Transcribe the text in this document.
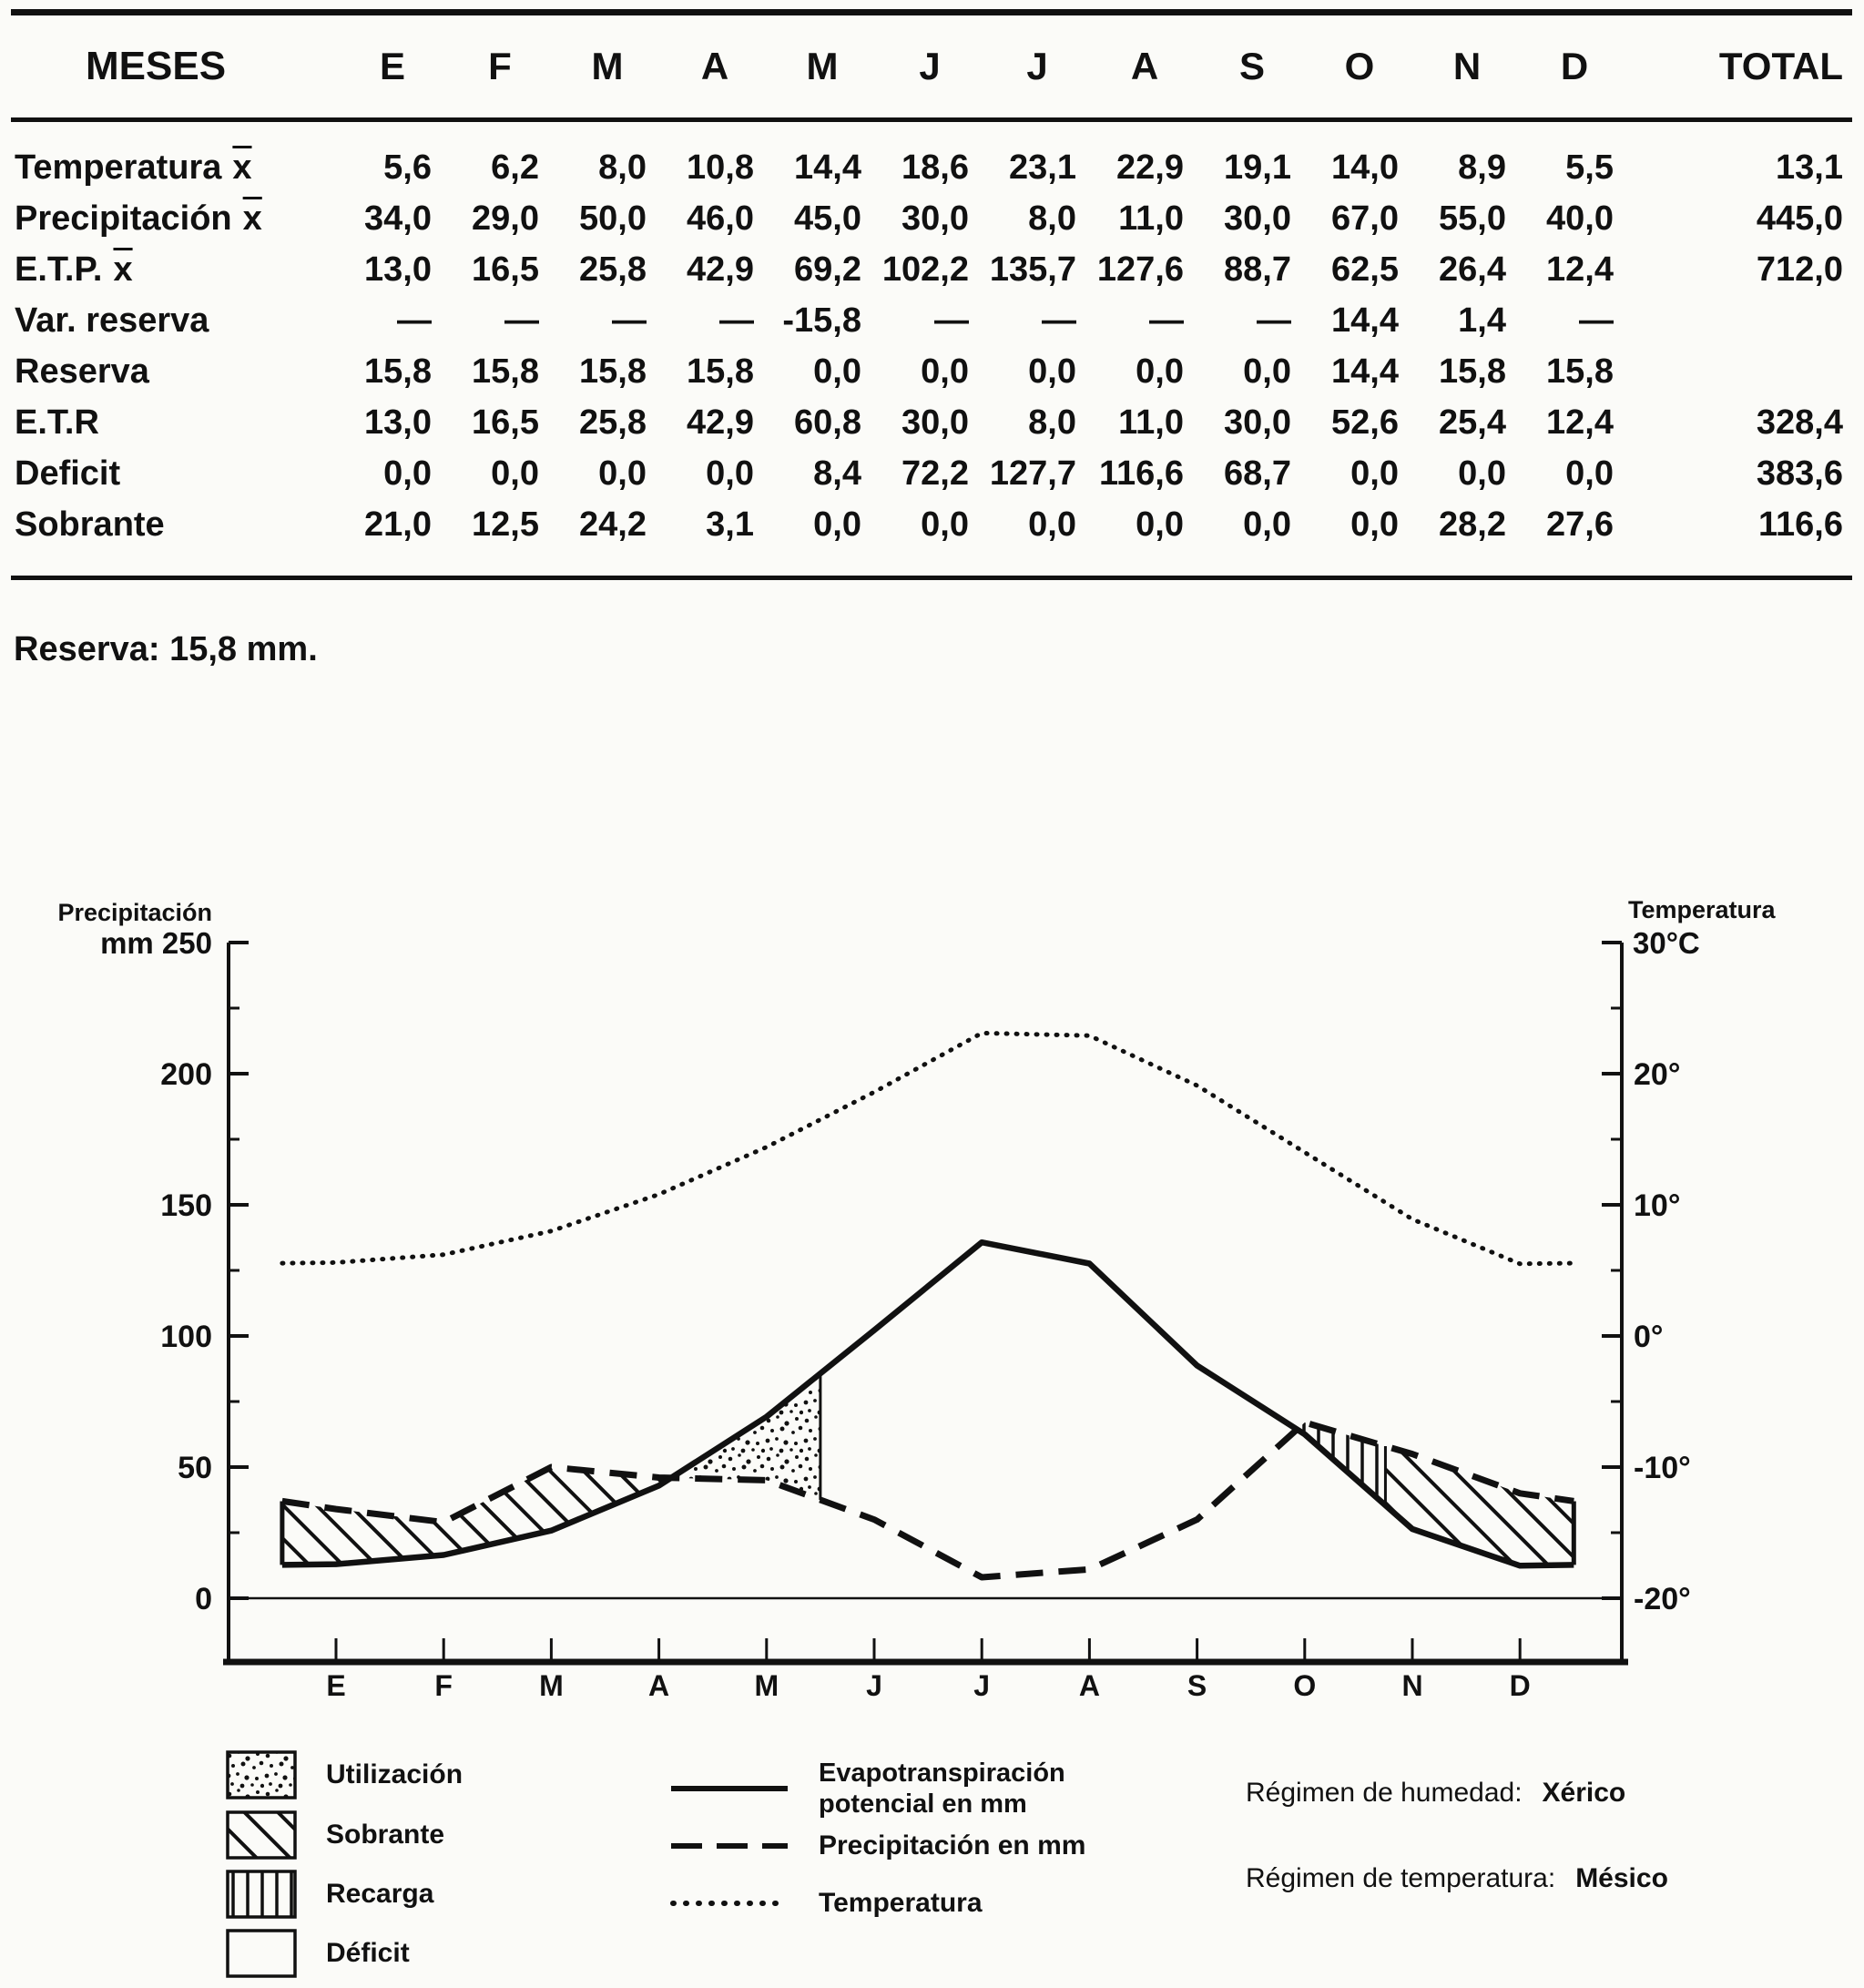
MESES	E	F	M	A	M	J	J	A	S	O	N	D	TOTAL
Temperatura $\overline{x}$	5,6	6,2	8,0	10,8	14,4	18,6	23,1	22,9	19,1	14,0	8,9	5,5	13,1
Precipitación $\overline{x}$	34,0	29,0	50,0	46,0	45,0	30,0	8,0	11,0	30,0	67,0	55,0	40,0	445,0
E.T.P. $\overline{x}$	13,0	16,5	25,8	42,9	69,2	102,2	135,7	127,6	88,7	62,5	26,4	12,4	712,0
Var. reserva	—	—	—	—	-15,8	—	—	—	—	14,4	1,4	—	
Reserva	15,8	15,8	15,8	15,8	0,0	0,0	0,0	0,0	0,0	14,4	15,8	15,8	
E.T.R	13,0	16,5	25,8	42,9	60,8	30,0	8,0	11,0	30,0	52,6	25,4	12,4	328,4
Deficit	0,0	0,0	0,0	0,0	8,4	72,2	127,7	116,6	68,7	0,0	0,0	0,0	383,6
Sobrante	21,0	12,5	24,2	3,1	0,0	0,0	0,0	0,0	0,0	0,0	28,2	27,6	116,6
Reserva: 15,8 mm.
200
150
100
50
0
20°
10°
0°
-10°
-20°
Precipitación
mm 250
Temperatura
30°C
E	F	M	A	M	J	J	A	S	O	N	D
Utilización
Sobrante
Recarga
Déficit
Evapotranspiración
potencial en mm
Precipitación en mm
Temperatura
Régimen de humedad: Xérico
Régimen de temperatura: Mésico
